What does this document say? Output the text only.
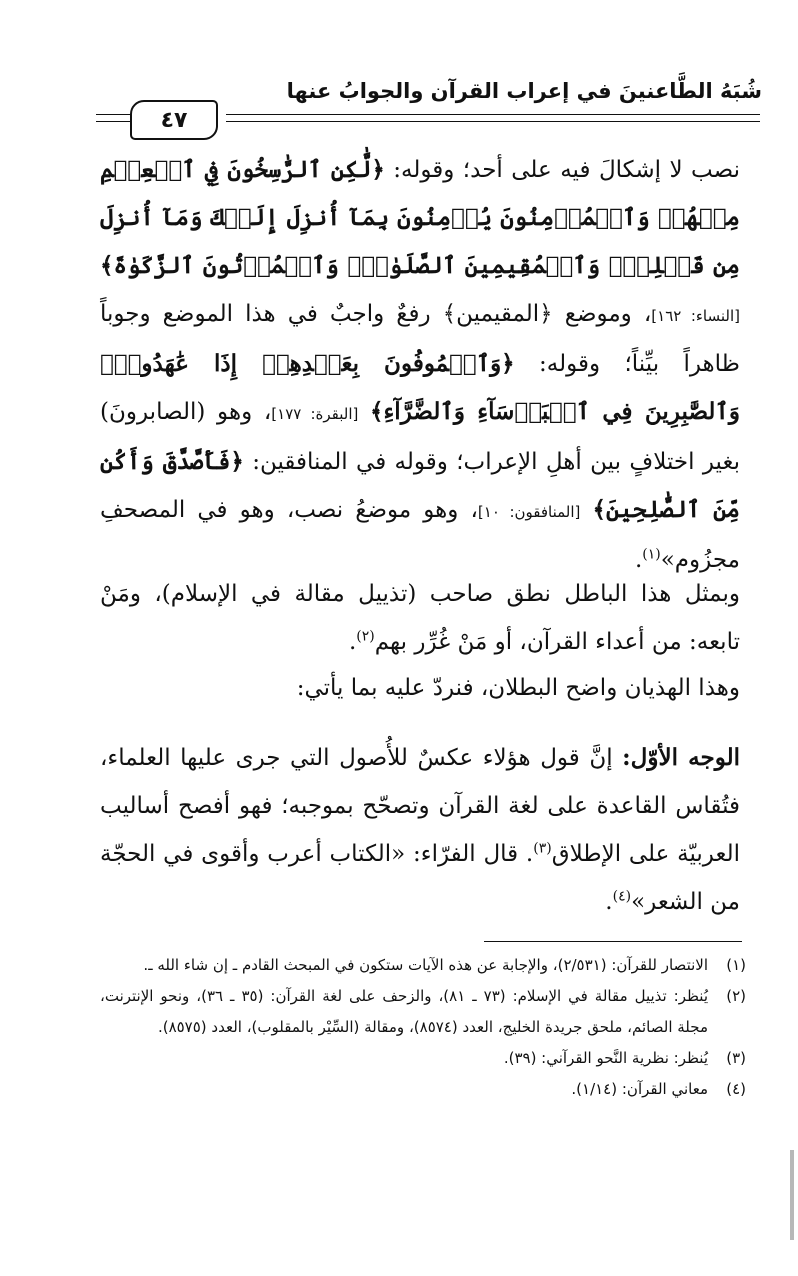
شُبَهُ الطَّاعنينَ في إعراب القرآن والجوابُ عنها
٤٧

نصب لا إشكالَ فيه على أحد؛ وقوله: ﴿لَّٰكِنِ ٱلرَّٰسِخُونَ فِي ٱلۡعِلۡمِ مِنۡهُمۡ وَٱلۡمُؤۡمِنُونَ يُؤۡمِنُونَ بِمَآ أُنزِلَ إِلَيۡكَ وَمَآ أُنزِلَ مِن قَبۡلِكَۚ وَٱلۡمُقِيمِينَ ٱلصَّلَوٰةَۚ وَٱلۡمُؤۡتُونَ ٱلزَّكَوٰةَ﴾ [النساء: ١٦٢]، وموضع ﴿المقيمين﴾ رفعٌ واجبٌ في هذا الموضع وجوباً ظاهراً بيِّناً؛ وقوله: ﴿وَٱلۡمُوفُونَ بِعَهۡدِهِمۡ إِذَا عَٰهَدُواْۖ وَٱلصَّٰبِرِينَ فِي ٱلۡبَأۡسَآءِ وَٱلضَّرَّآءِ﴾ [البقرة: ١٧٧]، وهو (الصابرونَ) بغير اختلافٍ بين أهلِ الإعراب؛ وقوله في المنافقين: ﴿فَأَصَّدَّقَ وَأَكُن مِّنَ ٱلصَّٰلِحِينَ﴾ [المنافقون: ١٠]، وهو موضعُ نصب، وهو في المصحفِ مجزُوم»$^{(١)}$.

وبمثل هذا الباطل نطق صاحب (تذييل مقالة في الإسلام)، ومَنْ تابعه: من أعداء القرآن، أو مَنْ غُرِّر بهم$^{(٢)}$.

وهذا الهذيان واضح البطلان، فنردّ عليه بما يأتي:

الوجه الأوّل: إنَّ قول هؤلاء عكسٌ للأُصول التي جرى عليها العلماء، فتُقاس القاعدة على لغة القرآن وتصحّح بموجبه؛ فهو أفصح أساليب العربيّة على الإطلاق$^{(٣)}$. قال الفرّاء: «الكتاب أعرب وأقوى في الحجّة من الشعر»$^{(٤)}$.

(١)
الانتصار للقرآن: (٢/٥٣١)، والإجابة عن هذه الآيات ستكون في المبحث القادم ـ إن شاء الله ـ.
(٢)
يُنظر: تذييل مقالة في الإسلام: (٧٣ ـ ٨١)، والزحف على لغة القرآن: (٣٥ ـ ٣٦)، ونحو الإنترنت، مجلة الصائم، ملحق جريدة الخليج، العدد (٨٥٧٤)، ومقالة (السِّيْر بالمقلوب)، العدد (٨٥٧٥).
(٣)
يُنظر: نظرية النَّحو القرآني: (٣٩).
(٤)
معاني القرآن: (١/١٤).
